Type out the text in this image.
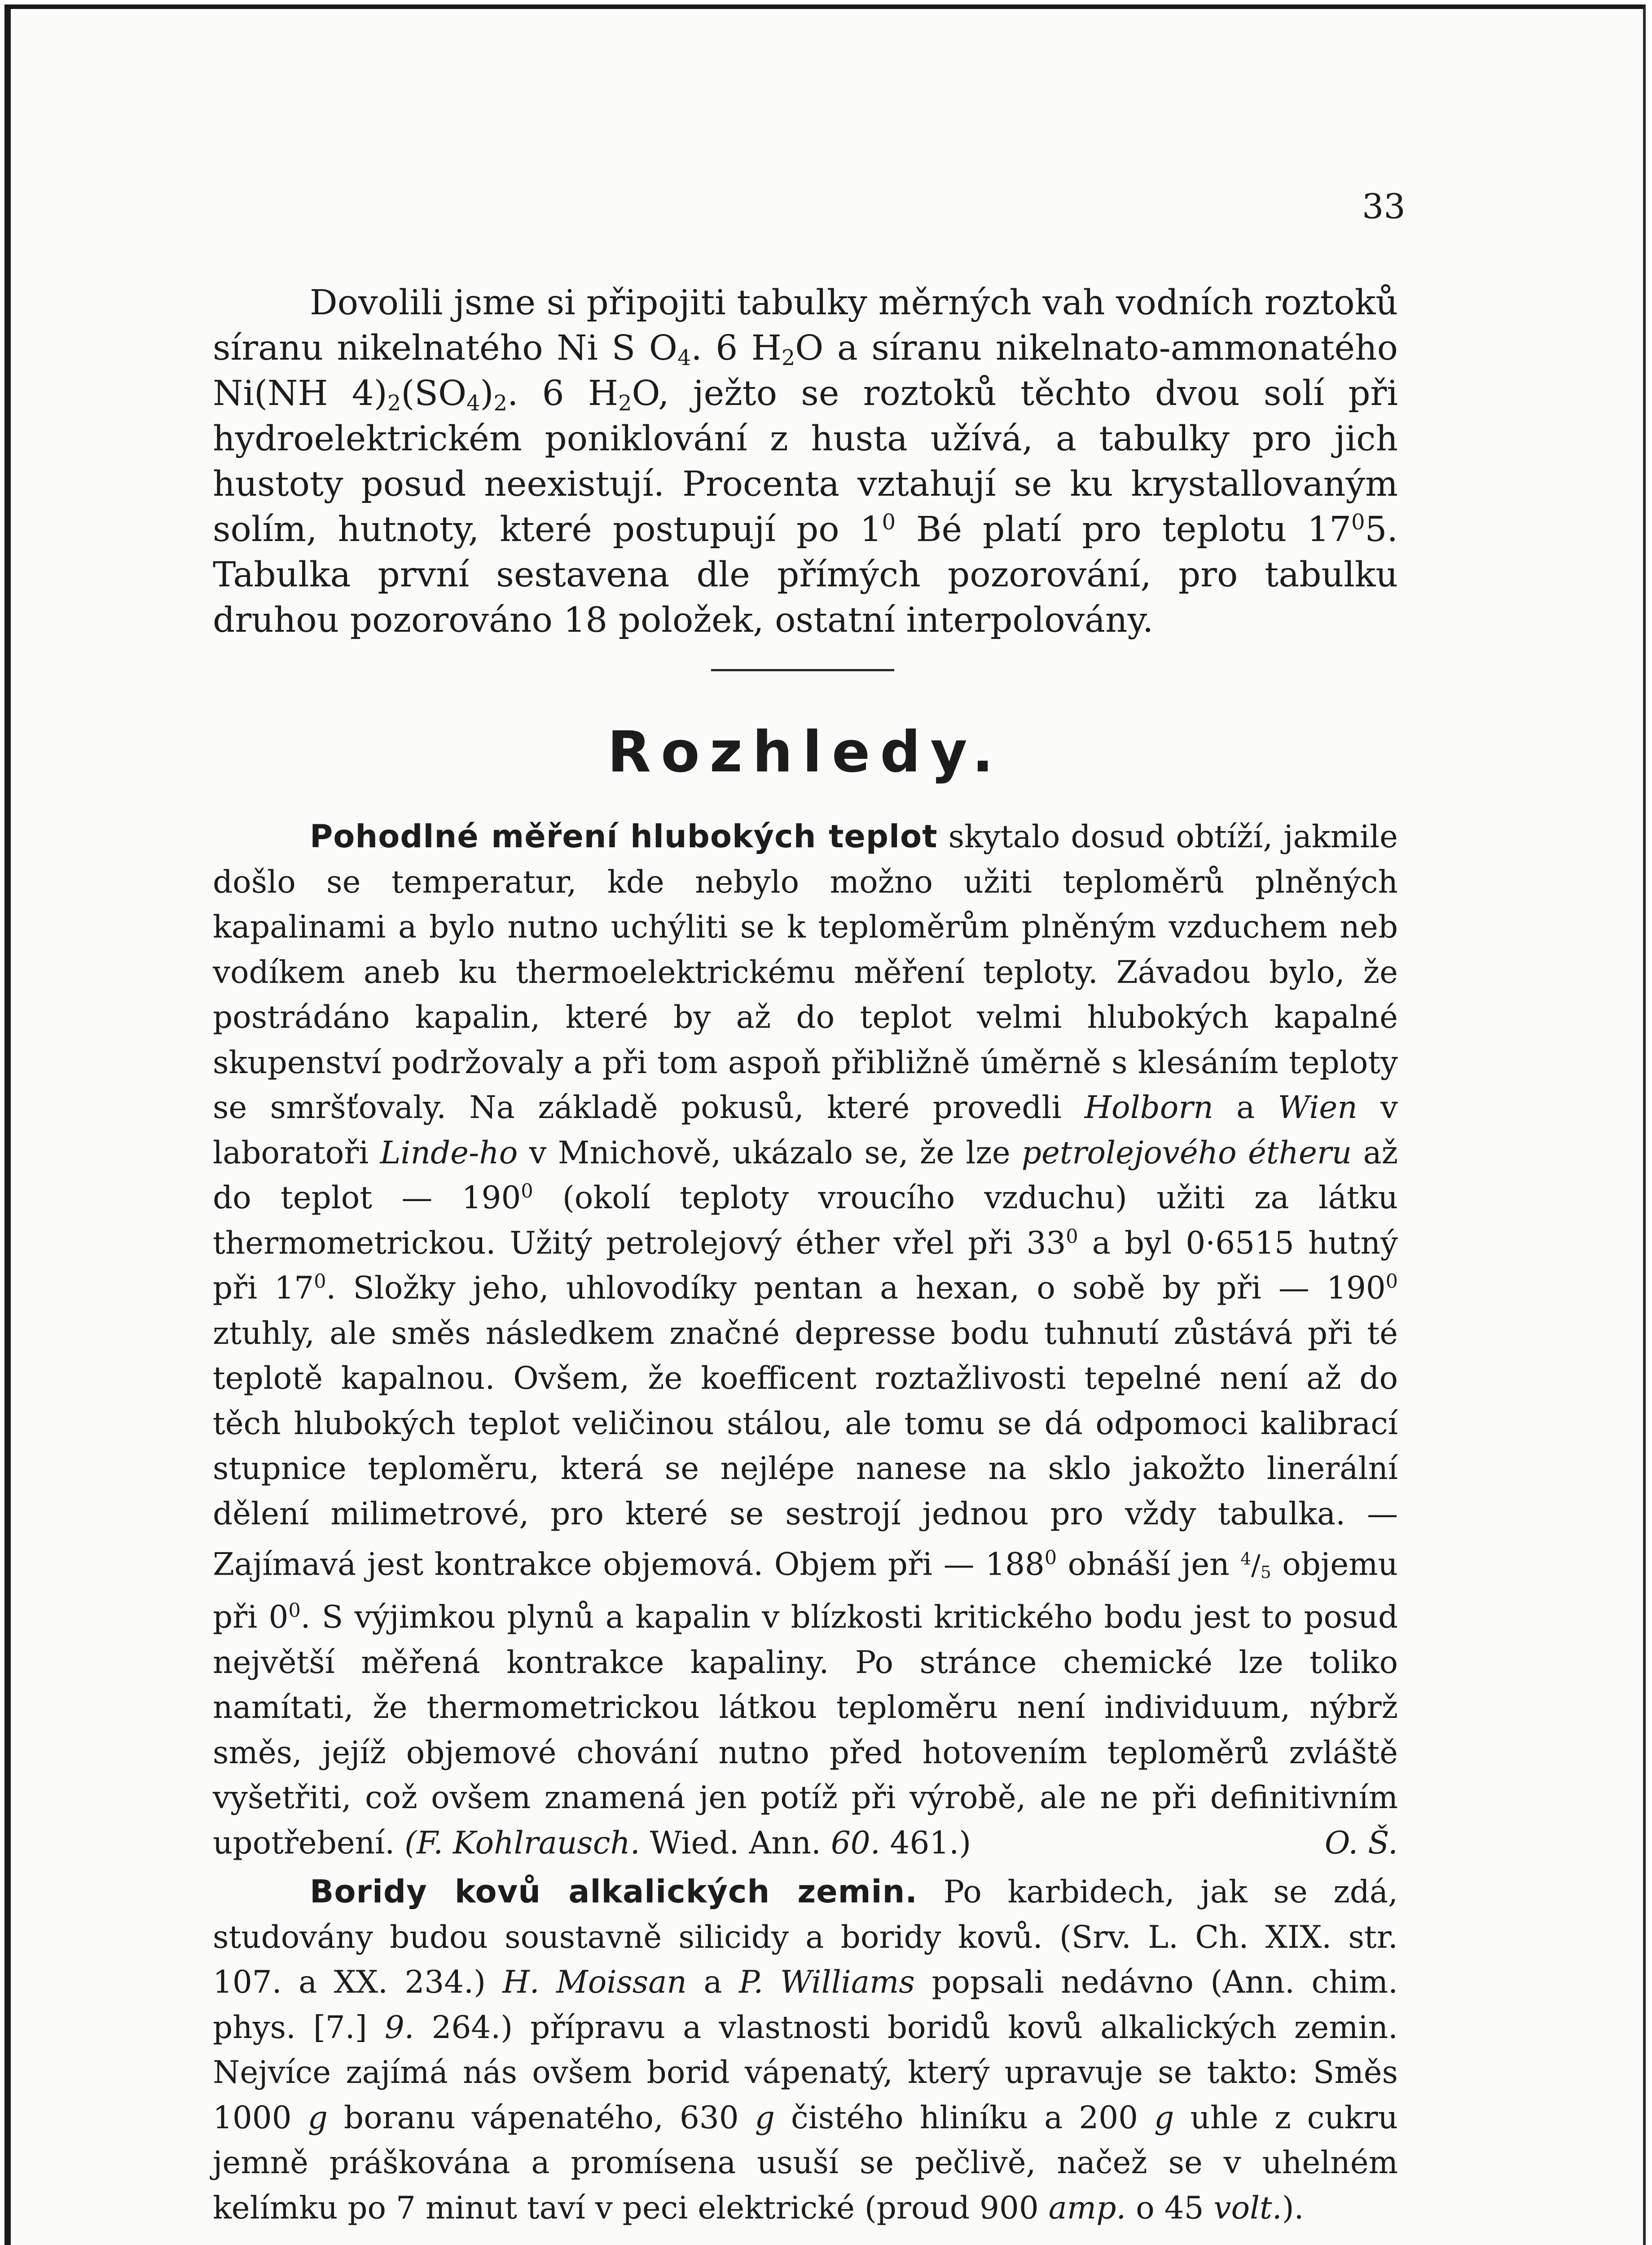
33

Dovolili jsme si připojiti tabulky měrných vah vodních roztoků síranu nikelnatého Ni S $O_4$. 6 $H_2O$ a síranu nikelnato-ammonatého Ni(NH $4)_2(SO_4)_2$. 6 $H_2O$, ježto se roztoků těchto dvou solí při hydroelektrickém poniklování z husta užívá, a tabulky pro jich hustoty posud neexistují. Procenta vztahují se ku krystallovaným solím, hutnoty, které postupují po $1^0$ Bé platí pro teplotu $17^05$. Tabulka první sestavena dle přímých pozorování, pro tabulku druhou pozorováno 18 položek, ostatní interpolovány.

Rozhledy.

Pohodlné měření hlubokých teplot skytalo dosud obtíží, jakmile došlo se temperatur, kde nebylo možno užiti teploměrů plněných kapalinami a bylo nutno uchýliti se k teploměrům plněným vzduchem neb vodíkem aneb ku thermoelektrickému měření teploty. Závadou bylo, že postrádáno kapalin, které by až do teplot velmi hlubokých kapalné skupenství podržovaly a při tom aspoň přibližně úměrně s klesáním teploty se smršťovaly. Na základě pokusů, které provedli Holborn a Wien v laboratoři Linde-ho v Mnichově, ukázalo se, že lze petrolejového étheru až do teplot — $190^0$ (okolí teploty vroucího vzduchu) užiti za látku thermometrickou. Užitý petrolejový éther vřel při $33^0$ a byl 0·6515 hutný při $17^0$. Složky jeho, uhlovodíky pentan a hexan, o sobě by při — $190^0$ ztuhly, ale směs následkem značné depresse bodu tuhnutí zůstává při té teplotě kapalnou. Ovšem, že koefficent roztažlivosti tepelné není až do těch hlubokých teplot veličinou stálou, ale tomu se dá odpomoci kalibrací stupnice teploměru, která se nejlépe nanese na sklo jakožto linerální dělení milimetrové, pro které se sestrojí jednou pro vždy tabulka. — Zajímavá jest kontrakce objemová. Objem při — $188^0$ obnáší jen $^4$/5 objemu při $0^0$. S výjimkou plynů a kapalin v blízkosti kritického bodu jest to posud největší měřená kontrakce kapaliny. Po stránce chemické lze toliko namítati, že thermometrickou látkou teploměru není individuum, nýbrž směs, jejíž objemové chování nutno před hotovením teploměrů zvláště vyšetřiti, což ovšem znamená jen potíž při výrobě, ale ne při definitivním upotřebení. (F. Kohlrausch. Wied. Ann. 60. 461.)	O. Š.

Boridy kovů alkalických zemin. Po karbidech, jak se zdá, studovány budou soustavně silicidy a boridy kovů. (Srv. L. Ch. XIX. str. 107. a XX. 234.) H. Moissan a P. Williams popsali nedávno (Ann. chim. phys. [7.] 9. 264.) přípravu a vlastnosti boridů kovů alkalických zemin. Nejvíce zajímá nás ovšem borid vápenatý, který upravuje se takto: Směs 1000 g boranu vápenatého, 630 g čistého hliníku a 200 g uhle z cukru jemně práškována a promísena usuší se pečlivě, načež se v uhelném kelímku po 7 minut taví v peci elektrické (proud 900 amp. o 45 volt.).
